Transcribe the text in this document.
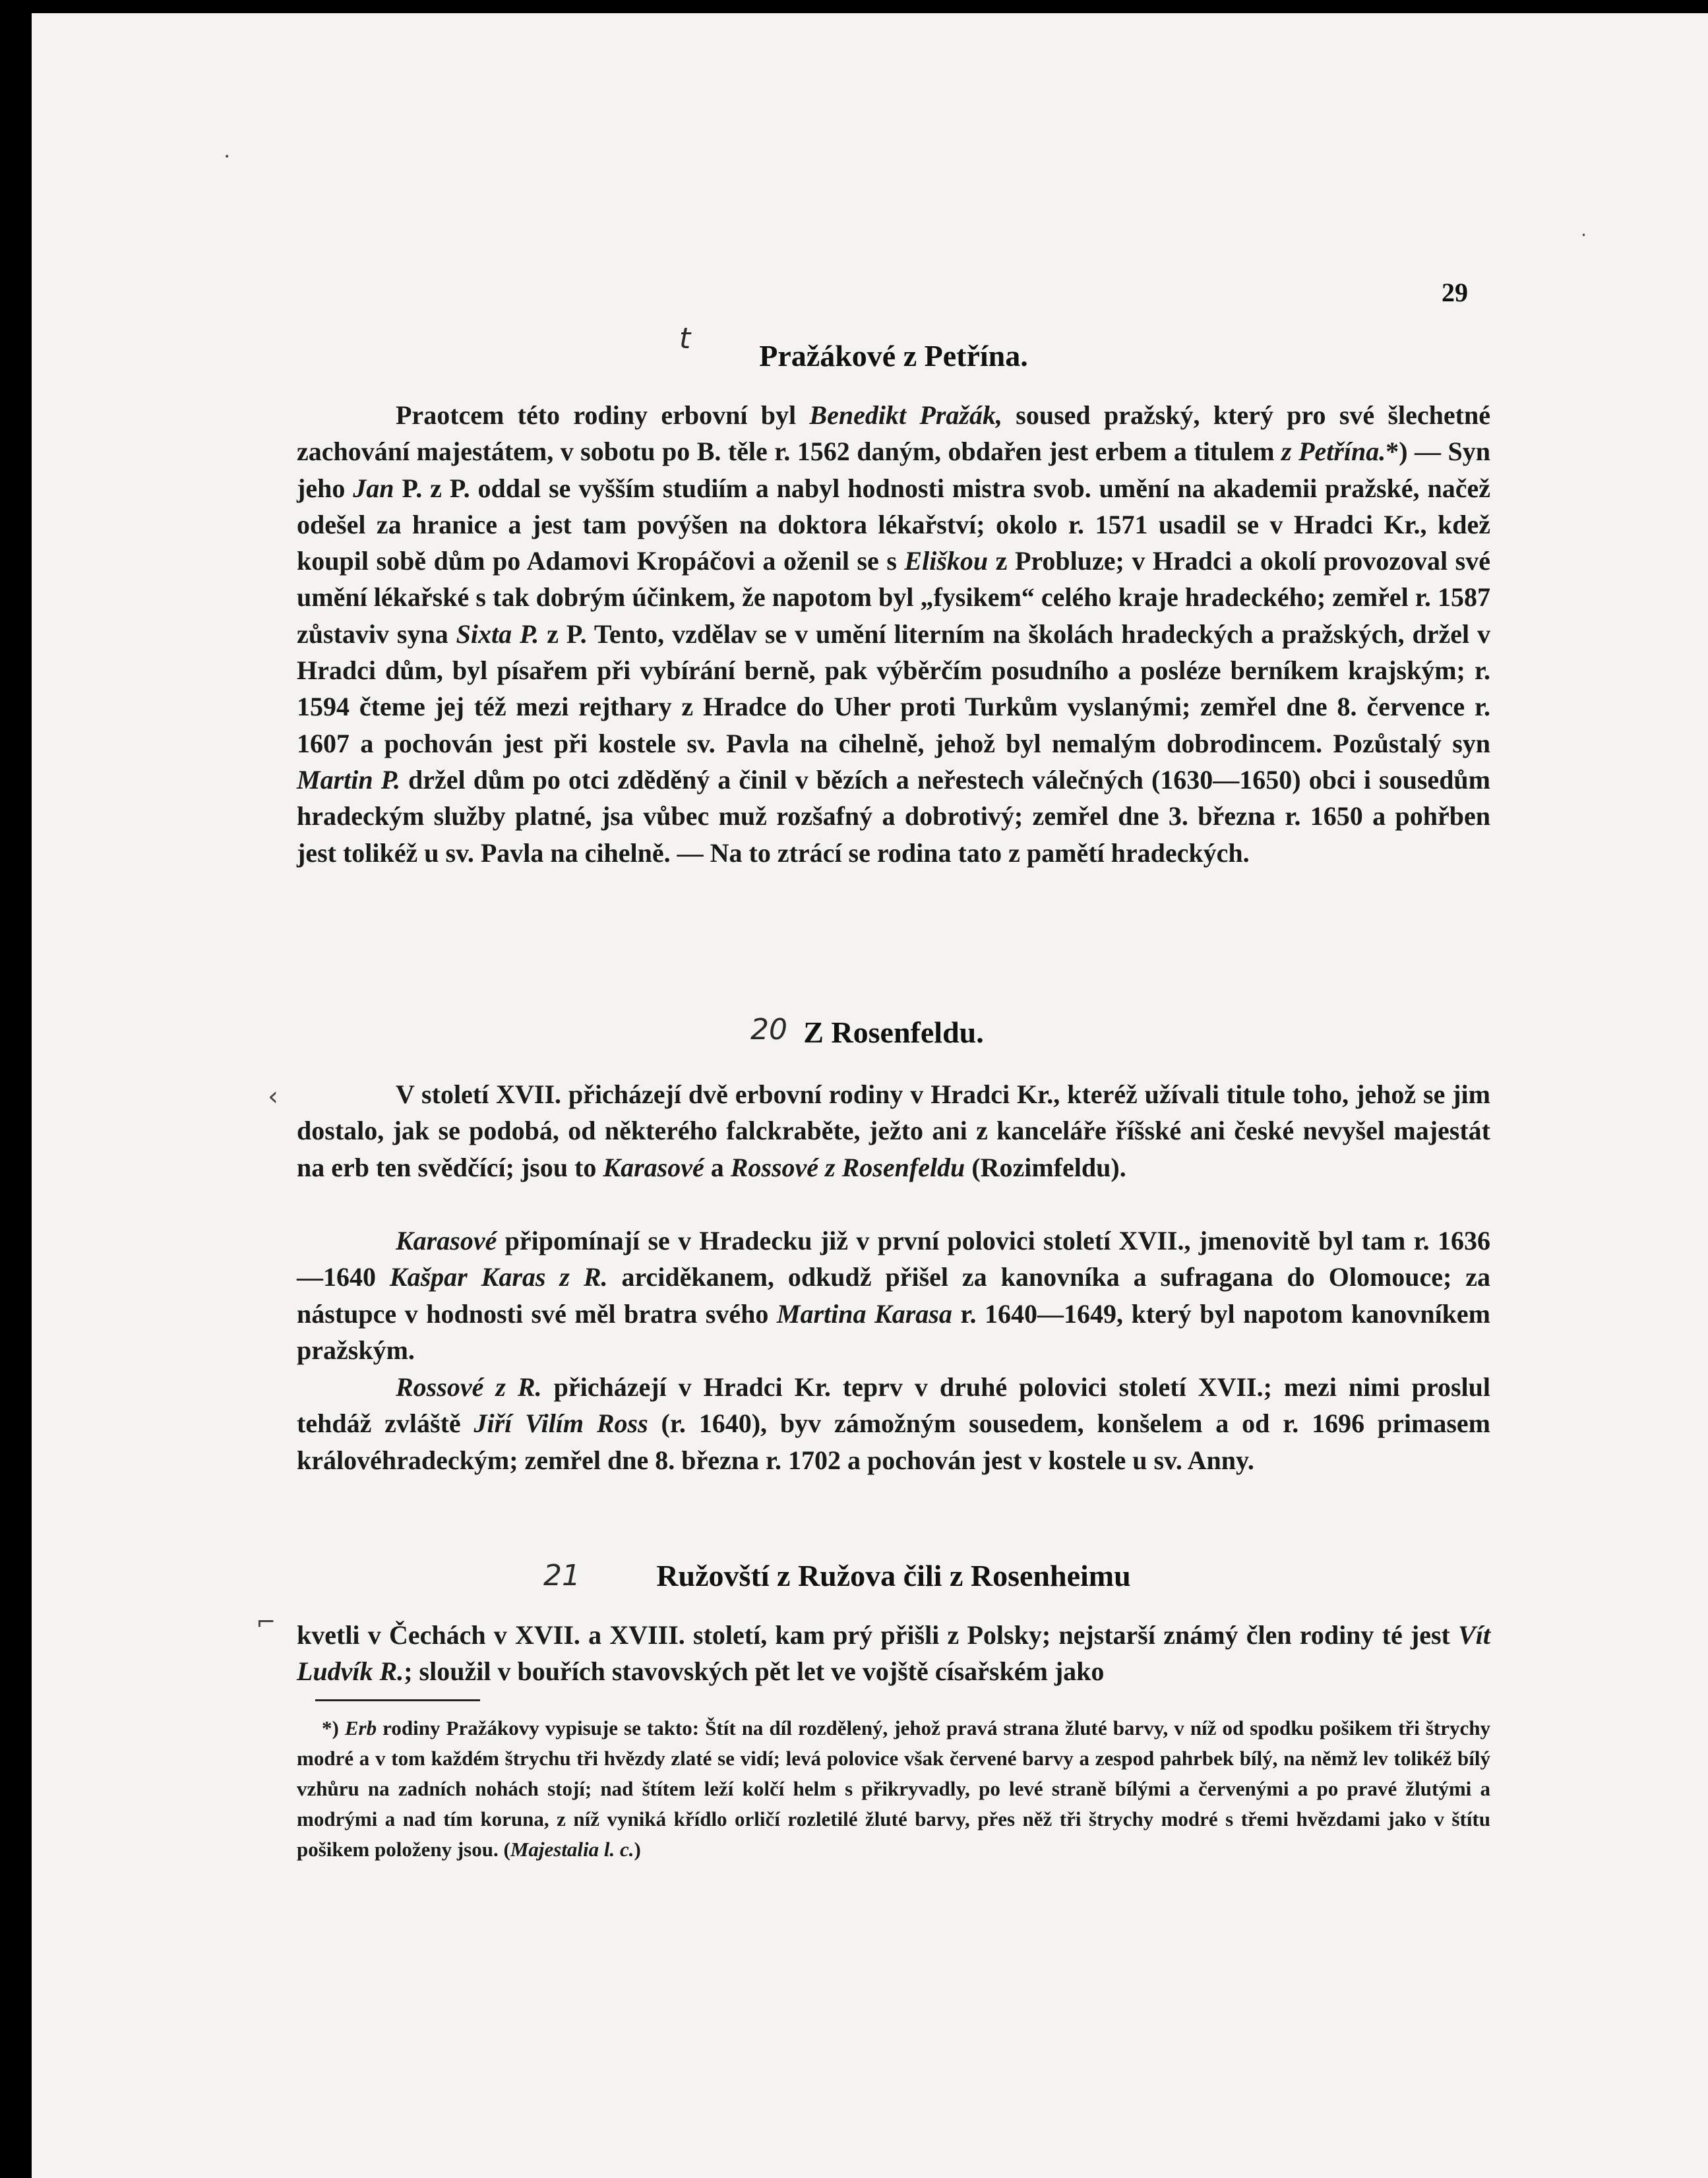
29
•
•
⌐
t
Pražákové z Petřína.

Praotcem této rodiny erbovní byl Benedikt Pražák, soused pražský, který pro své šlechetné zachování majestátem, v sobotu po B. těle r. 1562 daným, obdařen jest erbem a titulem z Petřína.*) — Syn jeho Jan P. z P. oddal se vyšším studiím a nabyl hodnosti mistra svob. umění na akademii pražské, načež odešel za hranice a jest tam povýšen na doktora lékařství; okolo r. 1571 usadil se v Hradci Kr., kdež koupil sobě dům po Adamovi Kropáčovi a oženil se s Eliškou z Probluze; v Hradci a okolí provozoval své umění lékařské s tak dobrým účinkem, že napotom byl „fysikem“ celého kraje hradeckého; zemřel r. 1587 zůstaviv syna Sixta P. z P. Tento, vzdělav se v umění literním na školách hradeckých a pražských, držel v Hradci dům, byl písařem při vybírání berně, pak výběrčím posudního a posléze berníkem krajským; r. 1594 čteme jej též mezi rejthary z Hradce do Uher proti Turkům vyslanými; zemřel dne 8. července r. 1607 a pochován jest při kostele sv. Pavla na cihelně, jehož byl nemalým dobrodincem. Pozůstalý syn Martin P. držel dům po otci zděděný a činil v bězích a neřestech válečných (1630—1650) obci i sousedům hradeckým služby platné, jsa vůbec muž rozšafný a dobrotivý; zemřel dne 3. března r. 1650 a pohřben jest tolikéž u sv. Pavla na cihelně. — Na to ztrácí se rodina tato z pamětí hradeckých.

20 Z Rosenfeldu.
‹	V století XVII. přicházejí dvě erbovní rodiny v Hradci Kr., kteréž užívali titule toho, jehož se jim dostalo, jak se podobá, od některého falckraběte, ježto ani z kanceláře říšské ani české nevyšel majestát na erb ten svědčící; jsou to Karasové a Rossové z Rosenfeldu (Rozimfeldu).

Karasové připomínají se v Hradecku již v první polovici století XVII., jmenovitě byl tam r. 1636—1640 Kašpar Karas z R. arciděkanem, odkudž přišel za kanovníka a sufragana do Olomouce; za nástupce v hodnosti své měl bratra svého Martina Karasa r. 1640—1649, který byl napotom kanovníkem pražským.

Rossové z R. přicházejí v Hradci Kr. teprv v druhé polovici století XVII.; mezi nimi proslul tehdáž zvláště Jiří Vilím Ross (r. 1640), byv zámožným sousedem, konšelem a od r. 1696 primasem královéhradeckým; zemřel dne 8. března r. 1702 a pochován jest v kostele u sv. Anny.

21	Ružovští z Ružova čili z Rosenheimu

kvetli v Čechách v XVII. a XVIII. století, kam prý přišli z Polsky; nejstarší známý člen rodiny té jest Vít Ludvík R.; sloužil v bouřích stavovských pět let ve vojště císařském jako

*) Erb rodiny Pražákovy vypisuje se takto: Štít na díl rozdělený, jehož pravá strana žluté barvy, v níž od spodku pošikem tři štrychy modré a v tom každém štrychu tři hvězdy zlaté se vidí; levá polovice však červené barvy a zespod pahrbek bílý, na němž lev tolikéž bílý vzhůru na zadních nohách stojí; nad štítem leží kolčí helm s přikryvadly, po levé straně bílými a červenými a po pravé žlutými a modrými a nad tím koruna, z níž vyniká křídlo orličí rozletilé žluté barvy, přes něž tři štrychy modré s třemi hvězdami jako v štítu pošikem položeny jsou. (Majestalia l. c.)
